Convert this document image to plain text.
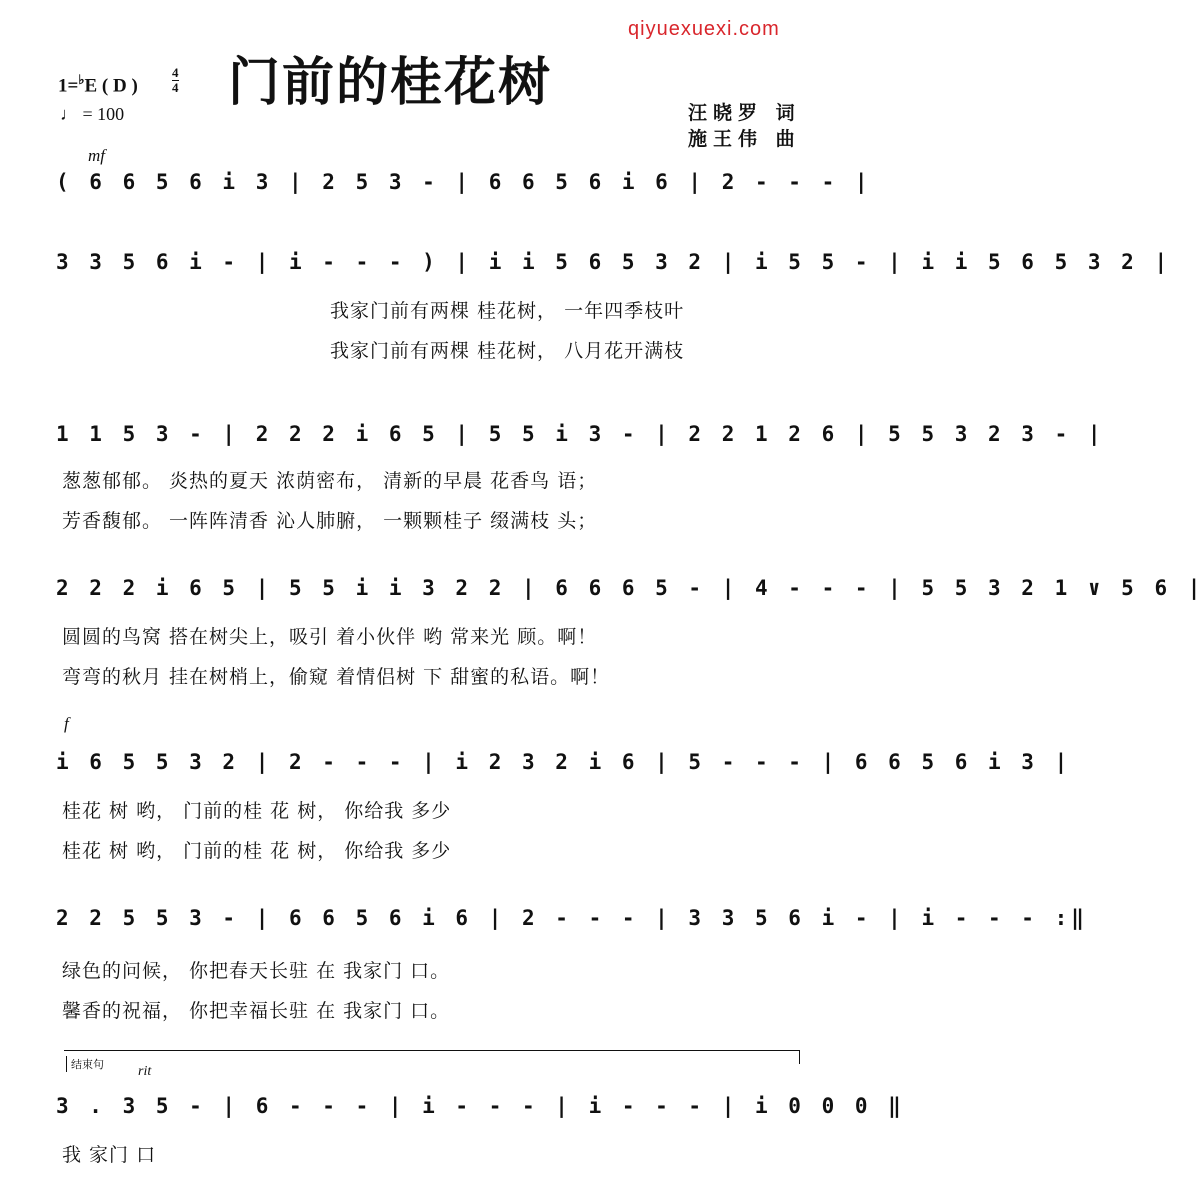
qiyuexuexi.com
门前的桂花树
1=♭E ( D )
4
4
♩ = 100	汪晓罗 词
施王伟 曲
mf
( 6 6 5 6 i 3 | 2 5 3 - | 6 6 5 6 i 6 | 2 - - - |
3 3 5 6 i - | i - - - ) | i i 5 6 5 3 2 | i 5 5 - | i i 5 6 5 3 2 |
我家门前有两棵 桂花树， 一年四季枝叶
我家门前有两棵 桂花树， 八月花开满枝
1 1 5 3 - | 2 2 2 i 6 5 | 5 5 i 3 - | 2 2 1 2 6 | 5 5 3 2 3 - |
葱葱郁郁。 炎热的夏天 浓荫密布， 清新的早晨 花香鸟 语；
芳香馥郁。 一阵阵清香 沁人肺腑， 一颗颗桂子 缀满枝 头；
2 2 2 i 6 5 | 5 5 i i 3 2 2 | 6 6 6 5 - | 4 - - - | 5 5 3 2 1 ∨ 5 6 |
圆圆的鸟窝 搭在树尖上，吸引 着小伙伴 哟 常来光 顾。啊！
弯弯的秋月 挂在树梢上，偷窥 着情侣树 下 甜蜜的私语。啊！
f
i 6 5 5 3 2 | 2 - - - | i 2 3 2 i 6 | 5 - - - | 6 6 5 6 i 3 |
桂花 树 哟， 门前的桂 花 树， 你给我 多少
桂花 树 哟， 门前的桂 花 树， 你给我 多少
2 2 5 5 3 - | 6 6 5 6 i 6 | 2 - - - | 3 3 5 6 i - | i - - - :‖
绿色的问候， 你把春天长驻 在 我家门 口。
馨香的祝福， 你把幸福长驻 在 我家门 口。
结束句 rit
3 . 3 5 - | 6 - - - | i - - - | i - - - | i 0 0 0 ‖
我 家门 口
